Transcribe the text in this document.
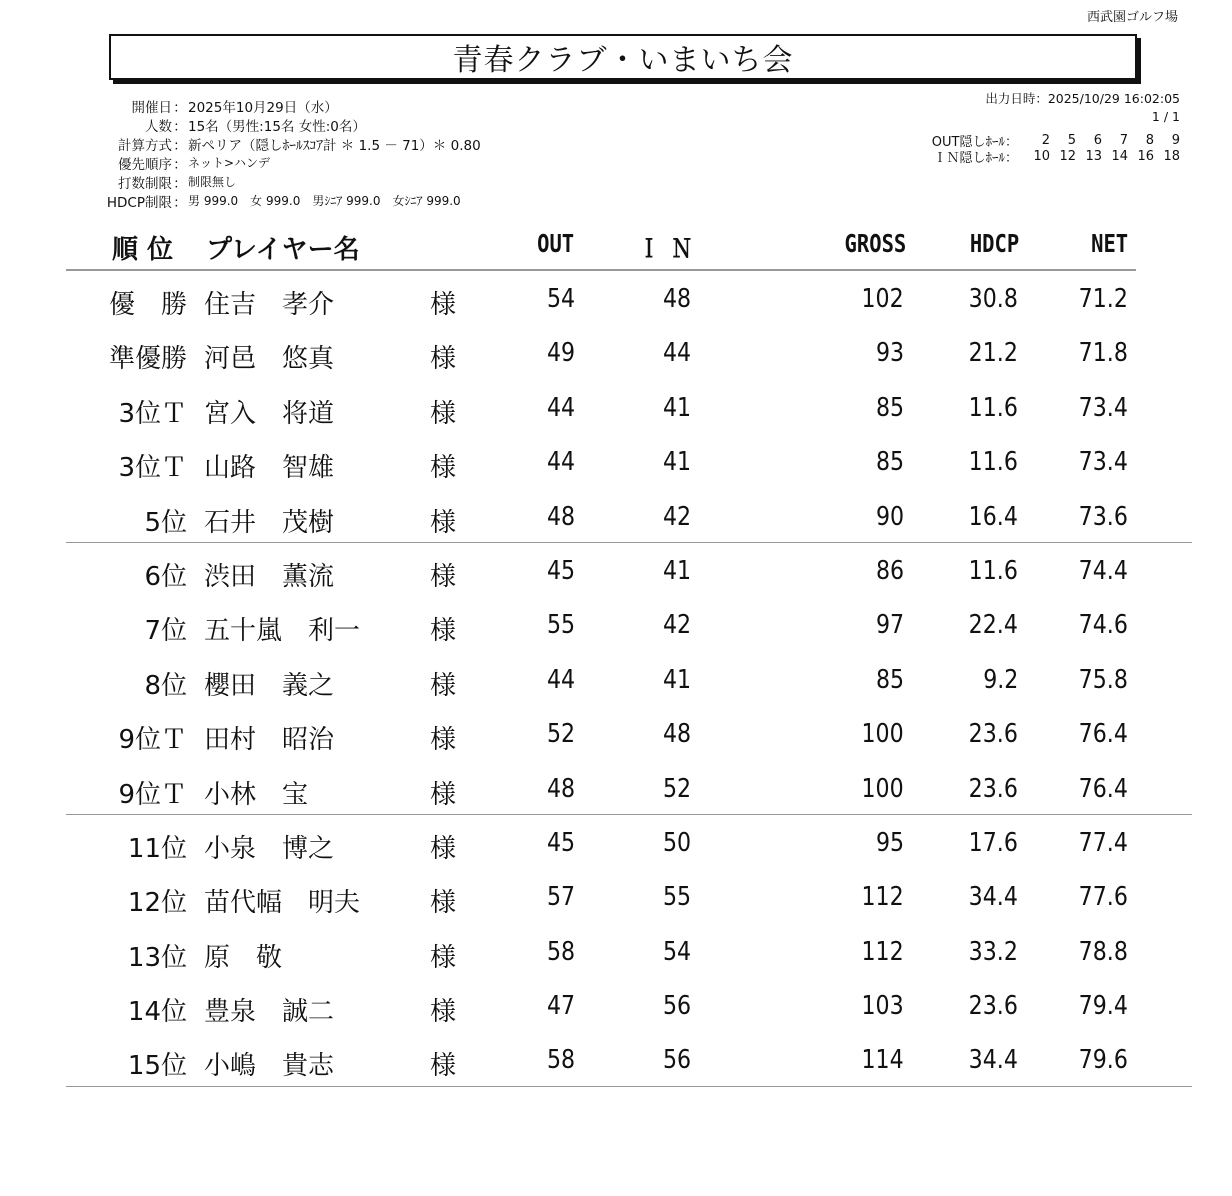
西武園ゴルフ場
青春クラブ・いまいち会
開催日 ： 2025年10月29日（水）
人数 ： 15名（男性:15名 女性:0名）
計算方式 ： 新ペリア（隠しﾎｰﾙｽｺｱ計 ＊ 1.5 － 71）＊ 0.80
優先順序 ： ネット>ハンデ
打数制限 ： 制限無し
HDCP制限 ： 男 999.0　女 999.0　男ｼﾆｱ 999.0　女ｼﾆｱ 999.0
出力日時：2025/10/29 16:02:05
1 / 1
OUT隠しﾎｰﾙ：	2	5	6	7	8	9
ＩＮ隠しﾎｰﾙ：	10 12 13 14 16 18
順 位 プレイヤー名	OUT	Ｉ Ｎ	GROSS	HDCP	NET
優　勝 住吉　孝介	54	48	102 30.8 71.2
様
準優勝 河邑　悠真	49	44	93 21.2 71.8
様
3位Ｔ 宮入　将道	44	41	85 11.6 73.4
様
3位Ｔ 山路　智雄	44	41	85 11.6 73.4
様
5位 石井　茂樹	48	42	90 16.4 73.6
様
6位 渋田　薫流	45	41	86 11.6 74.4
様
7位 五十嵐　利一	55	42	97 22.4 74.6
様
8位 櫻田　義之	44	41	85	9.2 75.8
様
9位Ｔ 田村　昭治	52	48	100 23.6 76.4
様
9位Ｔ 小林　宝	48	52	100 23.6 76.4
様
11位 小泉　博之	45	50	95 17.6 77.4
様
12位 苗代幅　明夫	57	55	112 34.4 77.6
様
13位 原　敬	58	54	112 33.2 78.8
様
14位 豊泉　誠二	47	56	103 23.6 79.4
様
15位 小嶋　貴志	58	56	114 34.4 79.6
様
